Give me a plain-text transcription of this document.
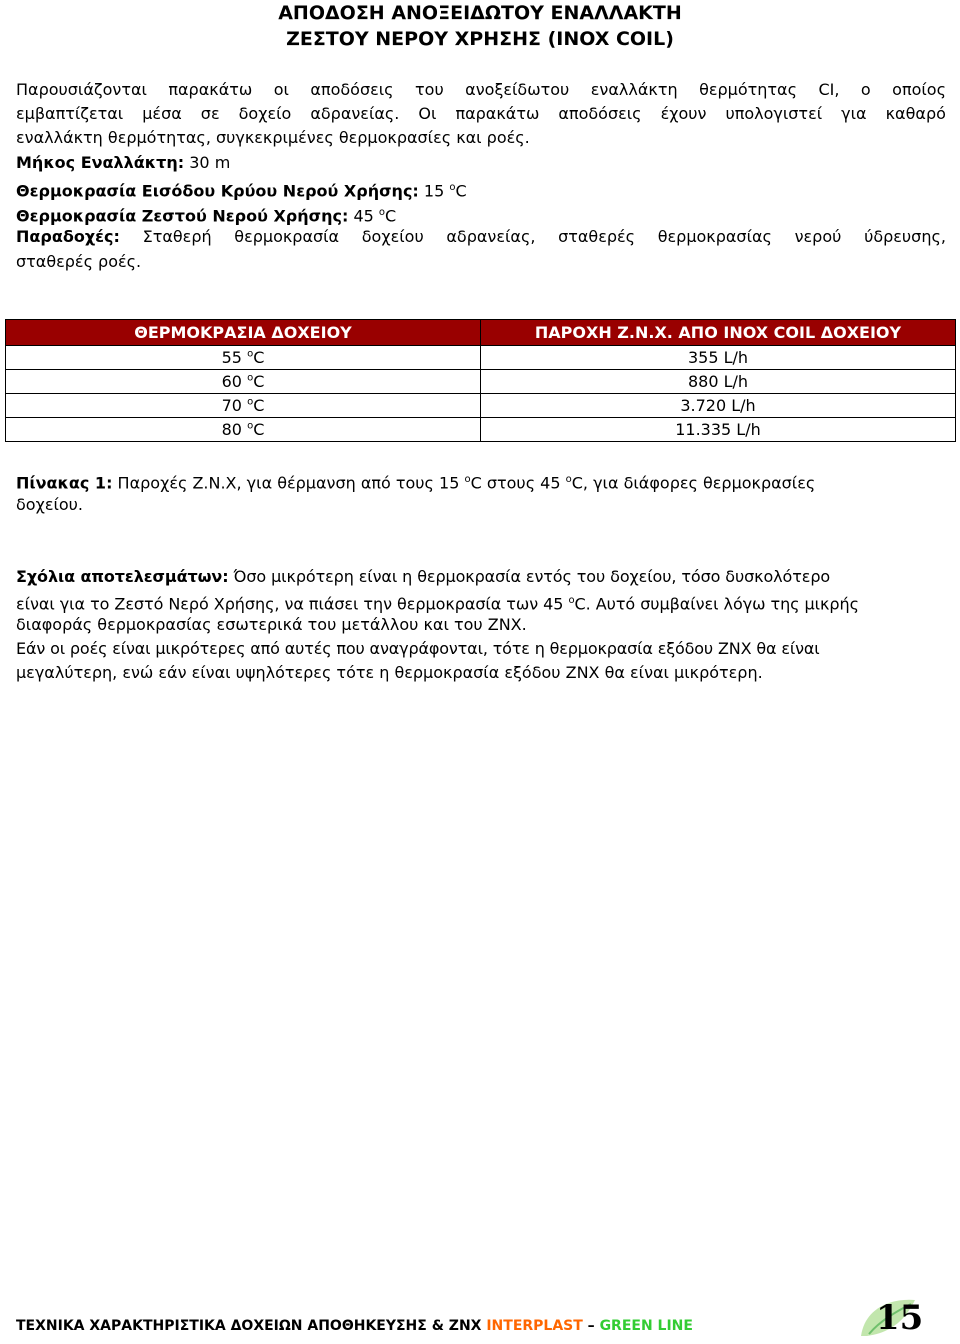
ΑΠΟΔΟΣΗ ΑΝΟΞΕΙΔΩΤΟΥ ΕΝΑΛΛΑΚΤΗ
ΖΕΣΤΟΥ ΝΕΡΟΥ ΧΡΗΣΗΣ (INOX COIL)
Παρουσιάζονται παρακάτω οι αποδόσεις του ανοξείδωτου εναλλάκτη θερμότητας CI, ο οποίος
εμβαπτίζεται μέσα σε δοχείο αδρανείας. Οι παρακάτω αποδόσεις έχουν υπολογιστεί για καθαρό
εναλλάκτη θερμότητας, συγκεκριμένες θερμοκρασίες και ροές.
Μήκος Εναλλάκτη: 30 m
Θερμοκρασία Εισόδου Κρύου Νερού Χρήσης: 15 $^o$C
Θερμοκρασία Ζεστού Νερού Χρήσης: 45 $^o$C
Παραδοχές: Σταθερή θερμοκρασία δοχείου αδρανείας, σταθερές θερμοκρασίας νερού ύδρευσης,
σταθερές ροές.
ΘΕΡΜΟΚΡΑΣΙΑ ΔΟΧΕΙΟΥ	ΠΑΡΟΧΗ Ζ.Ν.Χ. ΑΠΟ INOX COIL ΔΟΧΕΙΟΥ
55 $^o$C	355 L/h
60 $^o$C	880 L/h
70 $^o$C	3.720 L/h
80 $^o$C	11.335 L/h
Πίνακας 1: Παροχές Ζ.Ν.Χ, για θέρμανση από τους 15 $^o$C στους 45 $^o$C, για διάφορες θερμοκρασίες
δοχείου.
Σχόλια αποτελεσμάτων: Όσο μικρότερη είναι η θερμοκρασία εντός του δοχείου, τόσο δυσκολότερο
είναι για το Ζεστό Νερό Χρήσης, να πιάσει την θερμοκρασία των 45 $^o$C. Αυτό συμβαίνει λόγω της μικρής
διαφοράς θερμοκρασίας εσωτερικά του μετάλλου και του ΖΝΧ.
Εάν οι ροές είναι μικρότερες από αυτές που αναγράφονται, τότε η θερμοκρασία εξόδου ΖΝΧ θα είναι
μεγαλύτερη, ενώ εάν είναι υψηλότερες τότε η θερμοκρασία εξόδου ΖΝΧ θα είναι μικρότερη.
ΤΕΧΝΙΚΑ ΧΑΡΑΚΤΗΡΙΣΤΙΚΑ ΔΟΧΕΙΩΝ ΑΠΟΘΗΚΕΥΣΗΣ & ΖΝΧ INTERPLAST – GREEN LINE	15
